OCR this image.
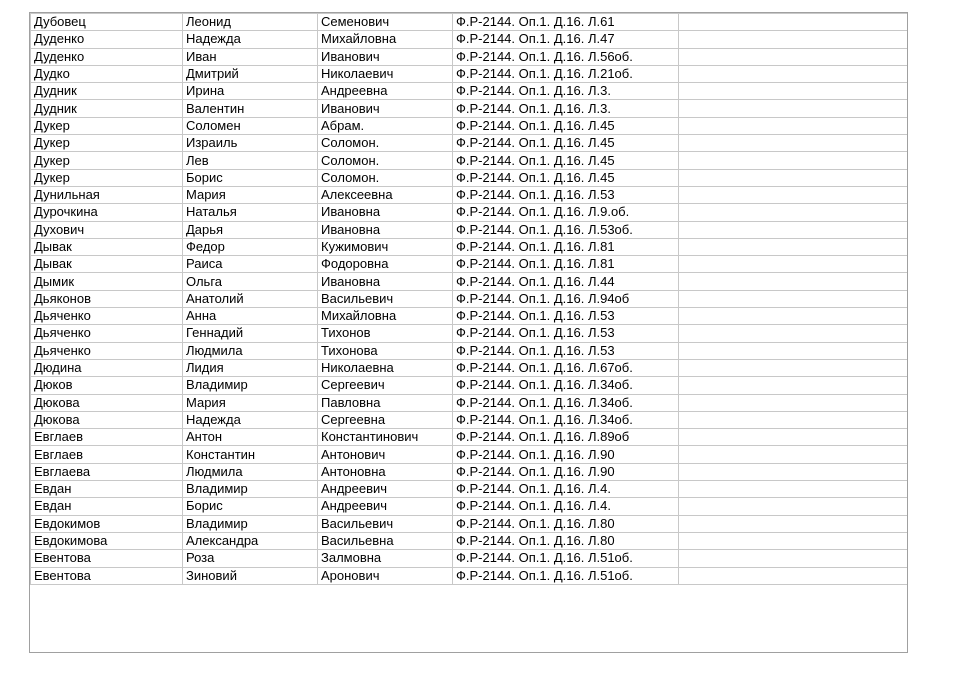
Дубовец	Леонид	Семенович	Ф.Р-2144. Оп.1. Д.16. Л.61	
Дуденко	Надежда	Михайловна	Ф.Р-2144. Оп.1. Д.16. Л.47	
Дуденко	Иван	Иванович	Ф.Р-2144. Оп.1. Д.16. Л.56об.	
Дудко	Дмитрий	Николаевич	Ф.Р-2144. Оп.1. Д.16. Л.21об.	
Дудник	Ирина	Андреевна	Ф.Р-2144. Оп.1. Д.16. Л.3.	
Дудник	Валентин	Иванович	Ф.Р-2144. Оп.1. Д.16. Л.3.	
Дукер	Соломен	Абрам.	Ф.Р-2144. Оп.1. Д.16. Л.45	
Дукер	Израиль	Соломон.	Ф.Р-2144. Оп.1. Д.16. Л.45	
Дукер	Лев	Соломон.	Ф.Р-2144. Оп.1. Д.16. Л.45	
Дукер	Борис	Соломон.	Ф.Р-2144. Оп.1. Д.16. Л.45	
Дунильная	Мария	Алексеевна	Ф.Р-2144. Оп.1. Д.16. Л.53	
Дурочкина	Наталья	Ивановна	Ф.Р-2144. Оп.1. Д.16. Л.9.об.	
Духович	Дарья	Ивановна	Ф.Р-2144. Оп.1. Д.16. Л.53об.	
Дывак	Федор	Кужимович	Ф.Р-2144. Оп.1. Д.16. Л.81	
Дывак	Раиса	Фодоровна	Ф.Р-2144. Оп.1. Д.16. Л.81	
Дымик	Ольга	Ивановна	Ф.Р-2144. Оп.1. Д.16. Л.44	
Дьяконов	Анатолий	Васильевич	Ф.Р-2144. Оп.1. Д.16. Л.94об	
Дьяченко	Анна	Михайловна	Ф.Р-2144. Оп.1. Д.16. Л.53	
Дьяченко	Геннадий	Тихонов	Ф.Р-2144. Оп.1. Д.16. Л.53	
Дьяченко	Людмила	Тихонова	Ф.Р-2144. Оп.1. Д.16. Л.53	
Дюдина	Лидия	Николаевна	Ф.Р-2144. Оп.1. Д.16. Л.67об.	
Дюков	Владимир	Сергеевич	Ф.Р-2144. Оп.1. Д.16. Л.34об.	
Дюкова	Мария	Павловна	Ф.Р-2144. Оп.1. Д.16. Л.34об.	
Дюкова	Надежда	Сергеевна	Ф.Р-2144. Оп.1. Д.16. Л.34об.	
Евглаев	Антон	Константинович	Ф.Р-2144. Оп.1. Д.16. Л.89об	
Евглаев	Константин	Антонович	Ф.Р-2144. Оп.1. Д.16. Л.90	
Евглаева	Людмила	Антоновна	Ф.Р-2144. Оп.1. Д.16. Л.90	
Евдан	Владимир	Андреевич	Ф.Р-2144. Оп.1. Д.16. Л.4.	
Евдан	Борис	Андреевич	Ф.Р-2144. Оп.1. Д.16. Л.4.	
Евдокимов	Владимир	Васильевич	Ф.Р-2144. Оп.1. Д.16. Л.80	
Евдокимова	Александра	Васильевна	Ф.Р-2144. Оп.1. Д.16. Л.80	
Евентова	Роза	Залмовна	Ф.Р-2144. Оп.1. Д.16. Л.51об.	
Евентова	Зиновий	Аронович	Ф.Р-2144. Оп.1. Д.16. Л.51об.	
